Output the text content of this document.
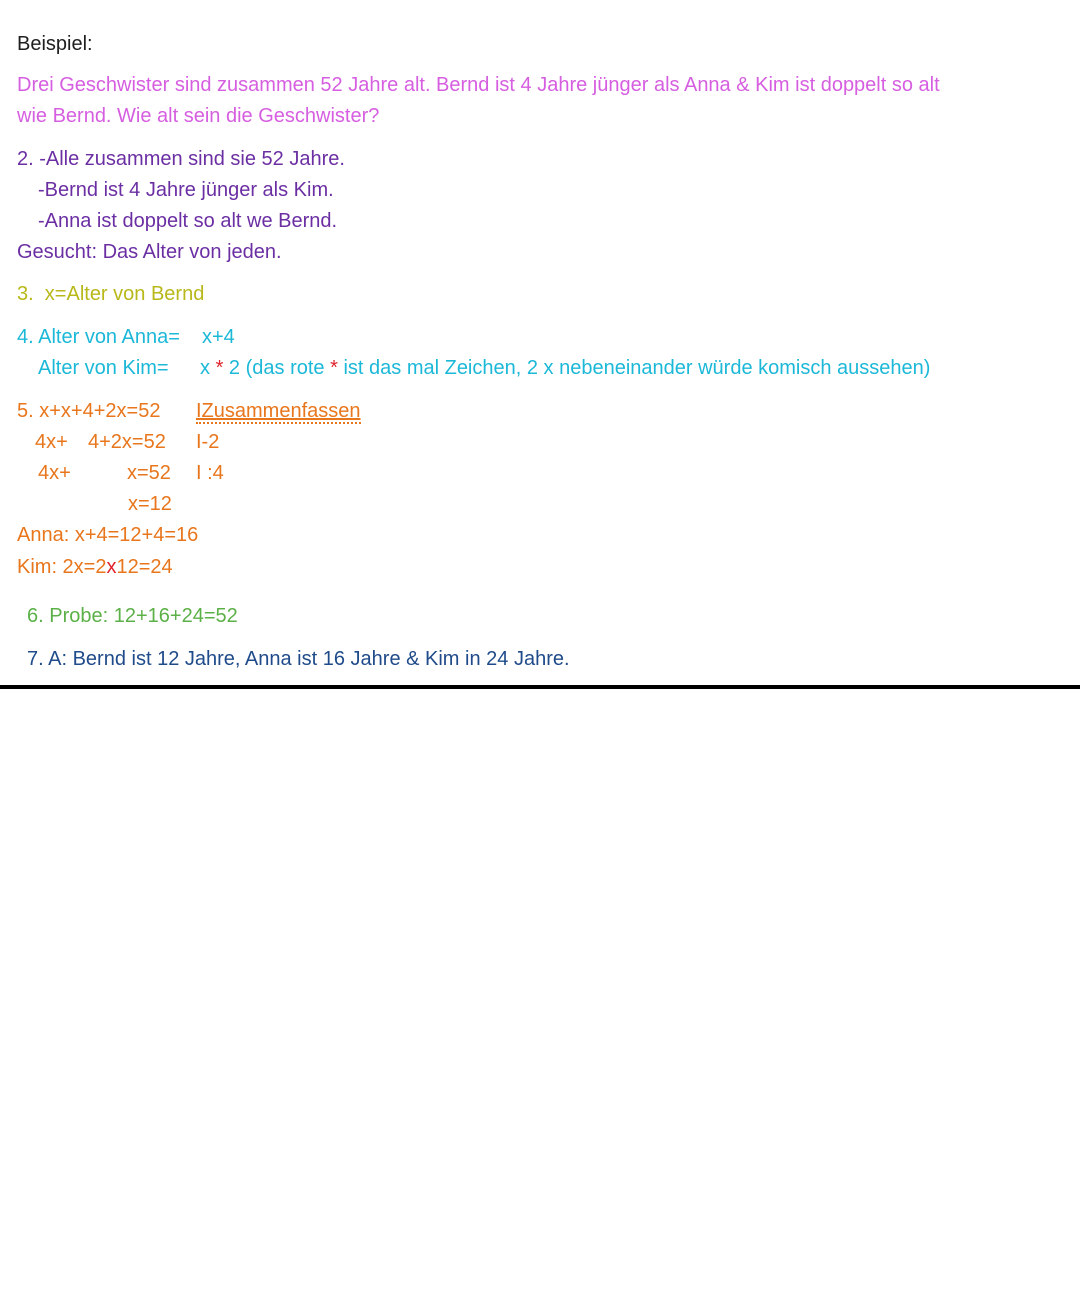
Beispiel:
Drei Geschwister sind zusammen 52 Jahre alt. Bernd ist 4 Jahre jünger als Anna & Kim ist doppelt so alt
wie Bernd. Wie alt sein die Geschwister?
2. -Alle zusammen sind sie 52 Jahre.
-Bernd ist 4 Jahre jünger als Kim.
-Anna ist doppelt so alt we Bernd.
Gesucht: Das Alter von jeden.
3.  x=Alter von Bernd
4. Alter von Anna= x+4
Alter von Kim= x * 2 (das rote * ist das mal Zeichen, 2 x nebeneinander würde komisch aussehen)
5. x+x+4+2x=52 IZusammenfassen
4x+ 4+2x=52 I-2
4x+	x=52 I :4
x=12
Anna: x+4=12+4=16
Kim: 2x=2x12=24
6. Probe: 12+16+24=52
7. A: Bernd ist 12 Jahre, Anna ist 16 Jahre & Kim in 24 Jahre.
